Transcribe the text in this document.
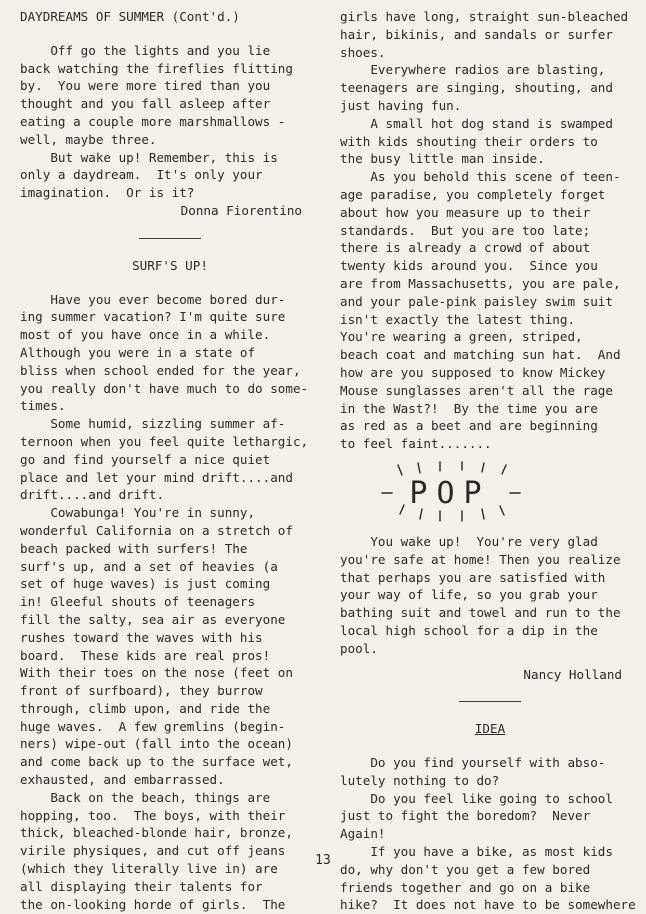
DAYDREAMS OF SUMMER (Cont'd.)
Off go the lights and you lie
back watching the fireflies flitting
by.  You were more tired than you
thought and you fall asleep after
eating a couple more marshmallows -
well, maybe three.
But wake up! Remember, this is
only a daydream.  It's only your
imagination.  Or is it?
Donna Fiorentino
SURF'S UP!
Have you ever become bored dur-
ing summer vacation? I'm quite sure
most of you have once in a while.
Although you were in a state of
bliss when school ended for the year,
you really don't have much to do some-
times.
Some humid, sizzling summer af-
ternoon when you feel quite lethargic,
go and find yourself a nice quiet
place and let your mind drift....and
drift....and drift.
Cowabunga! You're in sunny,
wonderful California on a stretch of
beach packed with surfers! The
surf's up, and a set of heavies (a
set of huge waves) is just coming
in! Gleeful shouts of teenagers
fill the salty, sea air as everyone
rushes toward the waves with his
board.  These kids are real pros!
With their toes on the nose (feet on
front of surfboard), they burrow
through, climb upon, and ride the
huge waves.  A few gremlins (begin-
ners) wipe-out (fall into the ocean)
and come back up to the surface wet,
exhausted, and embarrassed.
Back on the beach, things are
hopping, too.  The boys, with their
thick, bleached-blonde hair, bronze,
virile physiques, and cut off jeans
(which they literally live in) are
all displaying their talents for
the on-looking horde of girls.  The
girls have long, straight sun-bleached
hair, bikinis, and sandals or surfer
shoes.
Everywhere radios are blasting,
teenagers are singing, shouting, and
just having fun.
A small hot dog stand is swamped
with kids shouting their orders to
the busy little man inside.
As you behold this scene of teen-
age paradise, you completely forget
about how you measure up to their
standards.  But you are too late;
there is already a crowd of about
twenty kids around you.  Since you
are from Massachusetts, you are pale,
and your pale-pink paisley swim suit
isn't exactly the latest thing.
You're wearing a green, striped,
beach coat and matching sun hat.  And
how are you supposed to know Mickey
Mouse sunglasses aren't all the rage
in the Wast?!  By the time you are
as red as a beet and are beginning
to feel faint.......
POP
You wake up!  You're very glad
you're safe at home! Then you realize
that perhaps you are satisfied with
your way of life, so you grab your
bathing suit and towel and run to the
local high school for a dip in the
pool.
Nancy Holland
IDEA
Do you find yourself with abso-
lutely nothing to do?
Do you feel like going to school
just to fight the boredom?  Never
Again!
If you have a bike, as most kids
do, why don't you get a few bored
friends together and go on a bike
hike?  It does not have to be somewhere
13
